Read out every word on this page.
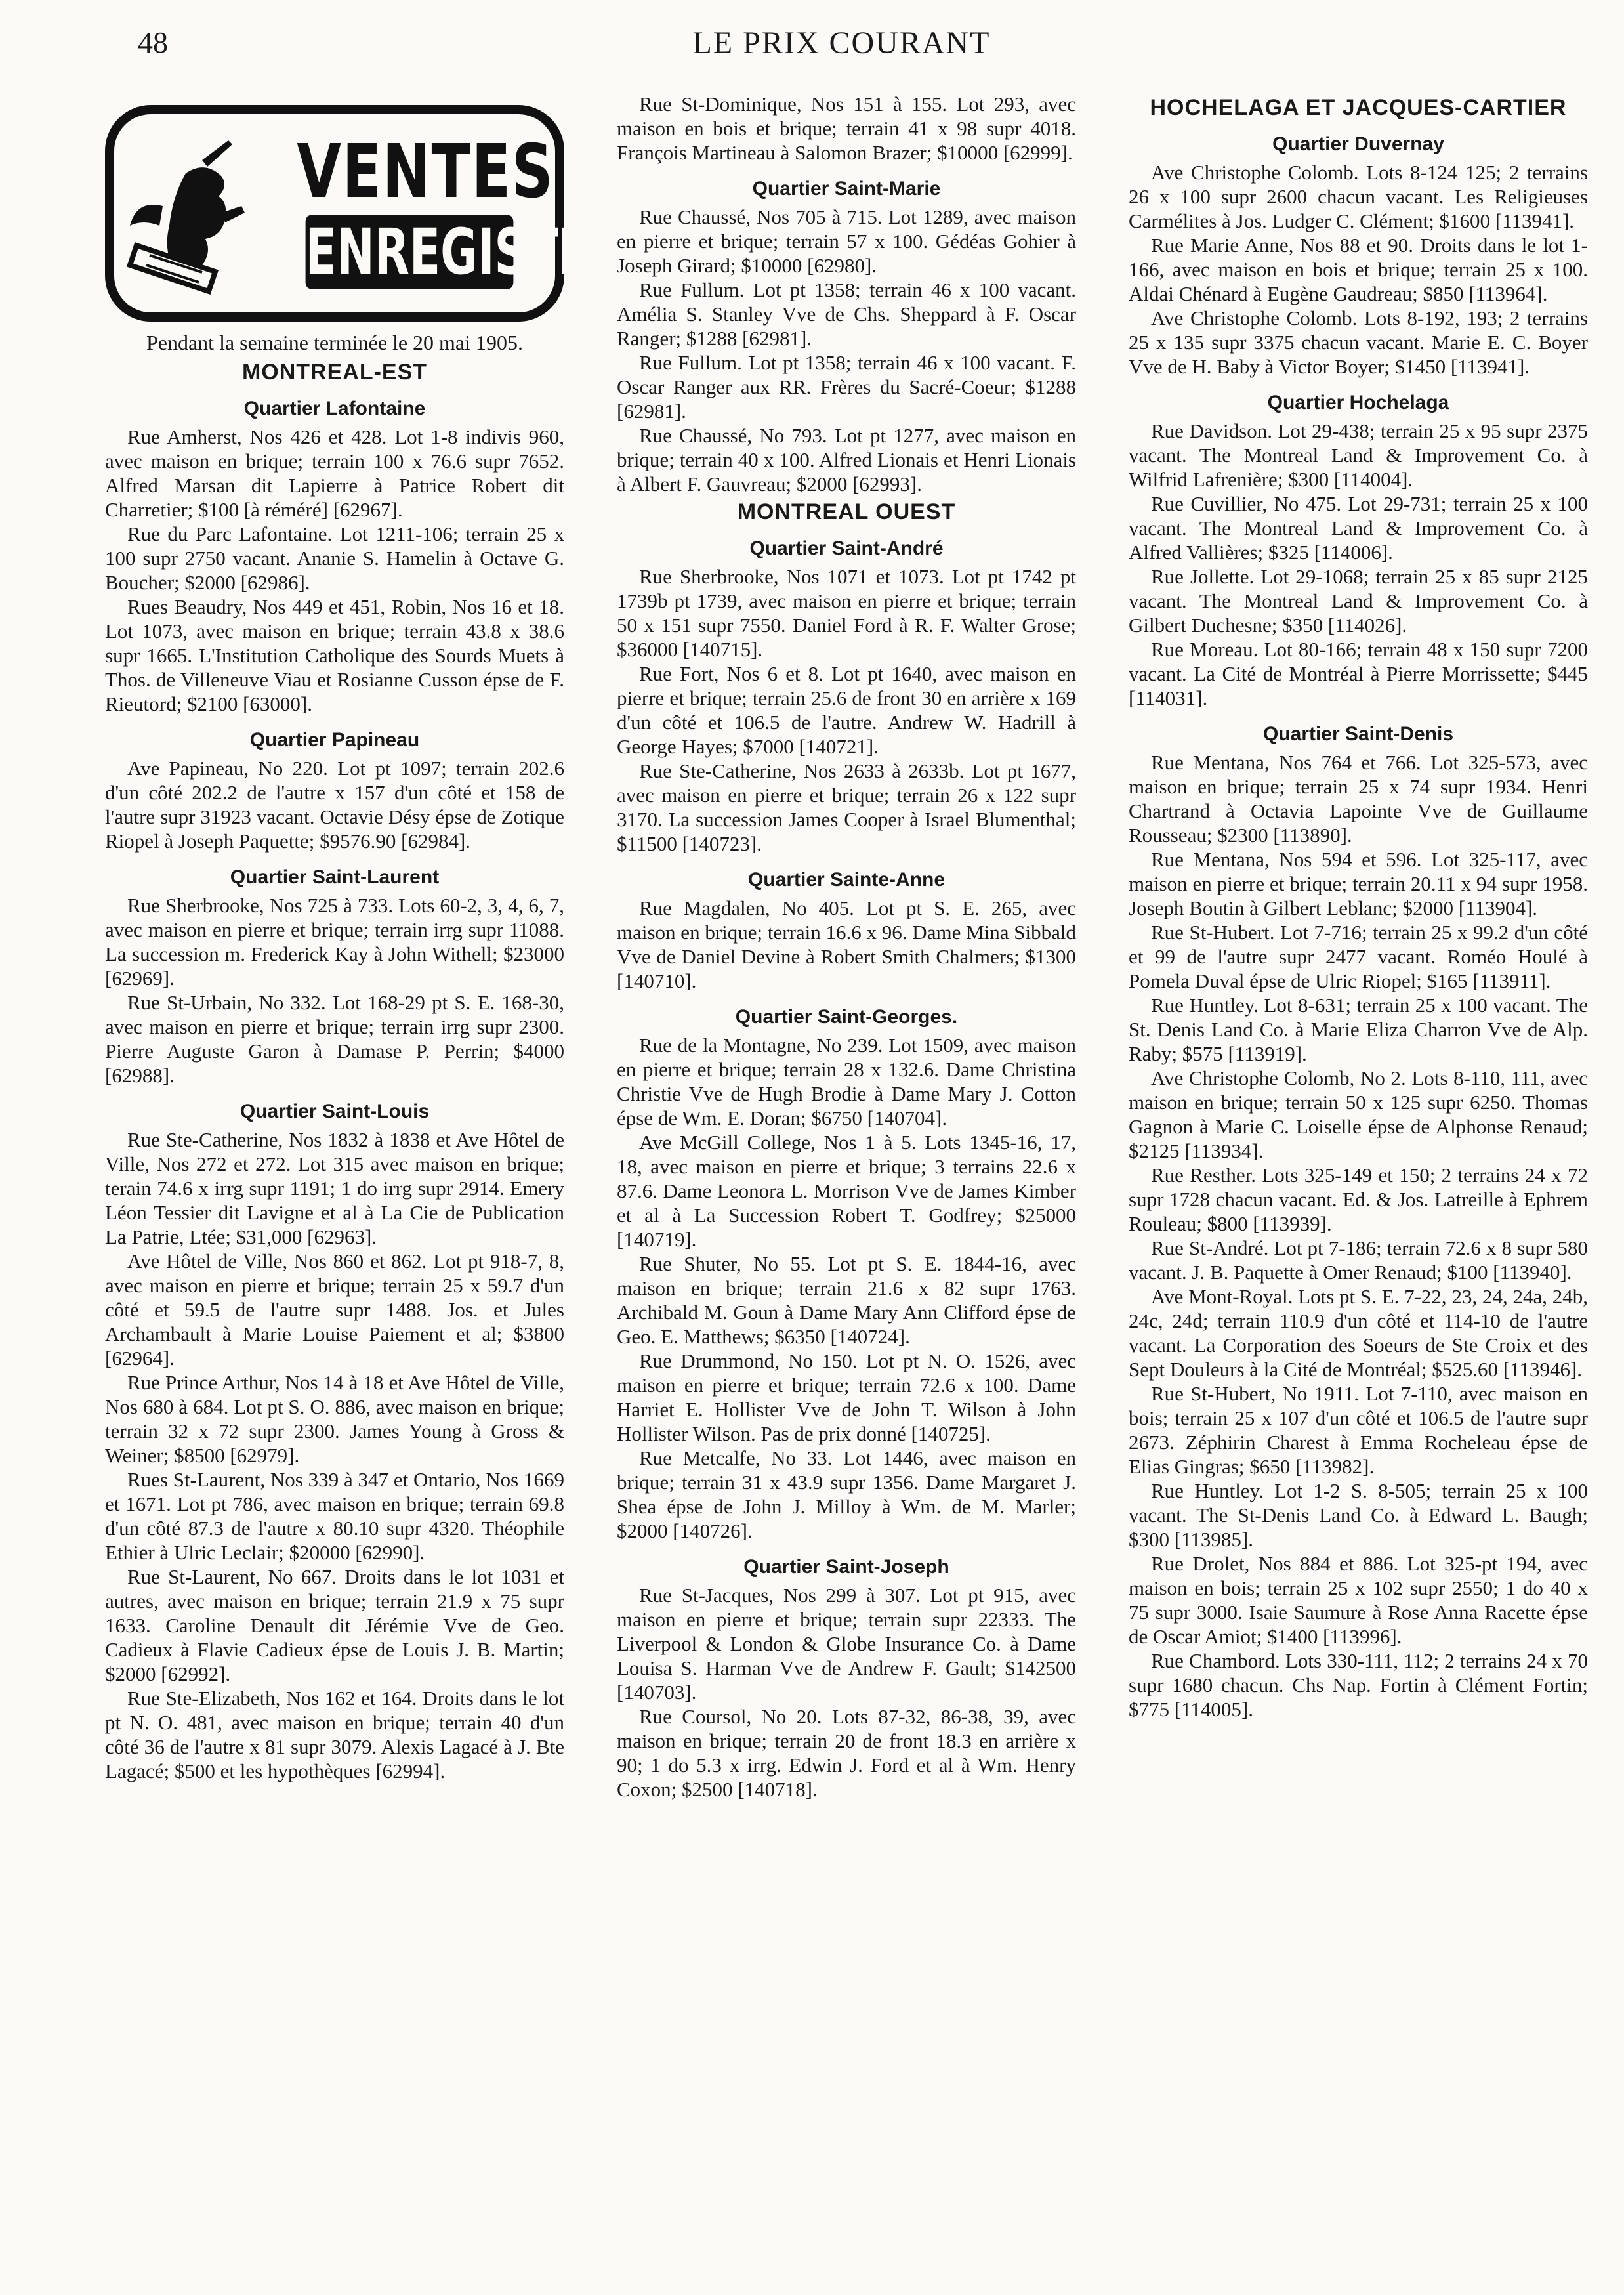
48	LE PRIX COURANT
VENTES
ENREGISTRÉES
Pendant la semaine terminée le 20 mai 1905.
MONTREAL-EST
Quartier Lafontaine

Rue Amherst, Nos 426 et 428. Lot 1-8 indivis 960, avec maison en brique; terrain 100 x 76.6 supr 7652. Alfred Marsan dit Lapierre à Patrice Robert dit Charretier; $100 [à réméré] [62967].

Rue du Parc Lafontaine. Lot 1211-106; terrain 25 x 100 supr 2750 vacant. Ananie S. Hamelin à Octave G. Boucher; $2000 [62986].

Rues Beaudry, Nos 449 et 451, Robin, Nos 16 et 18. Lot 1073, avec maison en brique; terrain 43.8 x 38.6 supr 1665. L'Institution Catholique des Sourds Muets à Thos. de Villeneuve Viau et Rosianne Cusson épse de F. Rieutord; $2100 [63000].

Quartier Papineau

Ave Papineau, No 220. Lot pt 1097; terrain 202.6 d'un côté 202.2 de l'autre x 157 d'un côté et 158 de l'autre supr 31923 vacant. Octavie Désy épse de Zotique Riopel à Joseph Paquette; $9576.90 [62984].

Quartier Saint-Laurent

Rue Sherbrooke, Nos 725 à 733. Lots 60-2, 3, 4, 6, 7, avec maison en pierre et brique; terrain irrg supr 11088. La succession m. Frederick Kay à John Withell; $23000 [62969].

Rue St-Urbain, No 332. Lot 168-29 pt S. E. 168-30, avec maison en pierre et brique; terrain irrg supr 2300. Pierre Auguste Garon à Damase P. Perrin; $4000 [62988].

Quartier Saint-Louis

Rue Ste-Catherine, Nos 1832 à 1838 et Ave Hôtel de Ville, Nos 272 et 272. Lot 315 avec maison en brique; terain 74.6 x irrg supr 1191; 1 do irrg supr 2914. Emery Léon Tessier dit Lavigne et al à La Cie de Publication La Patrie, Ltée; $31,000 [62963].

Ave Hôtel de Ville, Nos 860 et 862. Lot pt 918-7, 8, avec maison en pierre et brique; terrain 25 x 59.7 d'un côté et 59.5 de l'autre supr 1488. Jos. et Jules Archambault à Marie Louise Paiement et al; $3800 [62964].

Rue Prince Arthur, Nos 14 à 18 et Ave Hôtel de Ville, Nos 680 à 684. Lot pt S. O. 886, avec maison en brique; terrain 32 x 72 supr 2300. James Young à Gross & Weiner; $8500 [62979].

Rues St-Laurent, Nos 339 à 347 et Ontario, Nos 1669 et 1671. Lot pt 786, avec maison en brique; terrain 69.8 d'un côté 87.3 de l'autre x 80.10 supr 4320. Théophile Ethier à Ulric Leclair; $20000 [62990].

Rue St-Laurent, No 667. Droits dans le lot 1031 et autres, avec maison en brique; terrain 21.9 x 75 supr 1633. Caroline Denault dit Jérémie Vve de Geo. Cadieux à Flavie Cadieux épse de Louis J. B. Martin; $2000 [62992].

Rue Ste-Elizabeth, Nos 162 et 164. Droits dans le lot pt N. O. 481, avec maison en brique; terrain 40 d'un côté 36 de l'autre x 81 supr 3079. Alexis Lagacé à J. Bte Lagacé; $500 et les hypothèques [62994].

Rue St-Dominique, Nos 151 à 155. Lot 293, avec maison en bois et brique; terrain 41 x 98 supr 4018. François Martineau à Salomon Brazer; $10000 [62999].

Quartier Saint-Marie

Rue Chaussé, Nos 705 à 715. Lot 1289, avec maison en pierre et brique; terrain 57 x 100. Gédéas Gohier à Joseph Girard; $10000 [62980].

Rue Fullum. Lot pt 1358; terrain 46 x 100 vacant. Amélia S. Stanley Vve de Chs. Sheppard à F. Oscar Ranger; $1288 [62981].

Rue Fullum. Lot pt 1358; terrain 46 x 100 vacant. F. Oscar Ranger aux RR. Frères du Sacré-Coeur; $1288 [62981].

Rue Chaussé, No 793. Lot pt 1277, avec maison en brique; terrain 40 x 100. Alfred Lionais et Henri Lionais à Albert F. Gauvreau; $2000 [62993].

MONTREAL OUEST
Quartier Saint-André

Rue Sherbrooke, Nos 1071 et 1073. Lot pt 1742 pt 1739b pt 1739, avec maison en pierre et brique; terrain 50 x 151 supr 7550. Daniel Ford à R. F. Walter Grose; $36000 [140715].

Rue Fort, Nos 6 et 8. Lot pt 1640, avec maison en pierre et brique; terrain 25.6 de front 30 en arrière x 169 d'un côté et 106.5 de l'autre. Andrew W. Hadrill à George Hayes; $7000 [140721].

Rue Ste-Catherine, Nos 2633 à 2633b. Lot pt 1677, avec maison en pierre et brique; terrain 26 x 122 supr 3170. La succession James Cooper à Israel Blumenthal; $11500 [140723].

Quartier Sainte-Anne

Rue Magdalen, No 405. Lot pt S. E. 265, avec maison en brique; terrain 16.6 x 96. Dame Mina Sibbald Vve de Daniel Devine à Robert Smith Chalmers; $1300 [140710].

Quartier Saint-Georges.

Rue de la Montagne, No 239. Lot 1509, avec maison en pierre et brique; terrain 28 x 132.6. Dame Christina Christie Vve de Hugh Brodie à Dame Mary J. Cotton épse de Wm. E. Doran; $6750 [140704].

Ave McGill College, Nos 1 à 5. Lots 1345-16, 17, 18, avec maison en pierre et brique; 3 terrains 22.6 x 87.6. Dame Leonora L. Morrison Vve de James Kimber et al à La Succession Robert T. Godfrey; $25000 [140719].

Rue Shuter, No 55. Lot pt S. E. 1844-16, avec maison en brique; terrain 21.6 x 82 supr 1763. Archibald M. Goun à Dame Mary Ann Clifford épse de Geo. E. Matthews; $6350 [140724].

Rue Drummond, No 150. Lot pt N. O. 1526, avec maison en pierre et brique; terrain 72.6 x 100. Dame Harriet E. Hollister Vve de John T. Wilson à John Hollister Wilson. Pas de prix donné [140725].

Rue Metcalfe, No 33. Lot 1446, avec maison en brique; terrain 31 x 43.9 supr 1356. Dame Margaret J. Shea épse de John J. Milloy à Wm. de M. Marler; $2000 [140726].

Quartier Saint-Joseph

Rue St-Jacques, Nos 299 à 307. Lot pt 915, avec maison en pierre et brique; terrain supr 22333. The Liverpool & London & Globe Insurance Co. à Dame Louisa S. Harman Vve de Andrew F. Gault; $142500 [140703].

Rue Coursol, No 20. Lots 87-32, 86-38, 39, avec maison en brique; terrain 20 de front 18.3 en arrière x 90; 1 do 5.3 x irrg. Edwin J. Ford et al à Wm. Henry Coxon; $2500 [140718].

HOCHELAGA ET JACQUES-CARTIER
Quartier Duvernay

Ave Christophe Colomb. Lots 8-124 125; 2 terrains 26 x 100 supr 2600 chacun vacant. Les Religieuses Carmélites à Jos. Ludger C. Clément; $1600 [113941].

Rue Marie Anne, Nos 88 et 90. Droits dans le lot 1-166, avec maison en bois et brique; terrain 25 x 100. Aldai Chénard à Eugène Gaudreau; $850 [113964].

Ave Christophe Colomb. Lots 8-192, 193; 2 terrains 25 x 135 supr 3375 chacun vacant. Marie E. C. Boyer Vve de H. Baby à Victor Boyer; $1450 [113941].

Quartier Hochelaga

Rue Davidson. Lot 29-438; terrain 25 x 95 supr 2375 vacant. The Montreal Land & Improvement Co. à Wilfrid Lafrenière; $300 [114004].

Rue Cuvillier, No 475. Lot 29-731; terrain 25 x 100 vacant. The Montreal Land & Improvement Co. à Alfred Vallières; $325 [114006].

Rue Jollette. Lot 29-1068; terrain 25 x 85 supr 2125 vacant. The Montreal Land & Improvement Co. à Gilbert Duchesne; $350 [114026].

Rue Moreau. Lot 80-166; terrain 48 x 150 supr 7200 vacant. La Cité de Montréal à Pierre Morrissette; $445 [114031].

Quartier Saint-Denis

Rue Mentana, Nos 764 et 766. Lot 325-573, avec maison en brique; terrain 25 x 74 supr 1934. Henri Chartrand à Octavia Lapointe Vve de Guillaume Rousseau; $2300 [113890].

Rue Mentana, Nos 594 et 596. Lot 325-117, avec maison en pierre et brique; terrain 20.11 x 94 supr 1958. Joseph Boutin à Gilbert Leblanc; $2000 [113904].

Rue St-Hubert. Lot 7-716; terrain 25 x 99.2 d'un côté et 99 de l'autre supr 2477 vacant. Roméo Houlé à Pomela Duval épse de Ulric Riopel; $165 [113911].

Rue Huntley. Lot 8-631; terrain 25 x 100 vacant. The St. Denis Land Co. à Marie Eliza Charron Vve de Alp. Raby; $575 [113919].

Ave Christophe Colomb, No 2. Lots 8-110, 111, avec maison en brique; terrain 50 x 125 supr 6250. Thomas Gagnon à Marie C. Loiselle épse de Alphonse Renaud; $2125 [113934].

Rue Resther. Lots 325-149 et 150; 2 terrains 24 x 72 supr 1728 chacun vacant. Ed. & Jos. Latreille à Ephrem Rouleau; $800 [113939].

Rue St-André. Lot pt 7-186; terrain 72.6 x 8 supr 580 vacant. J. B. Paquette à Omer Renaud; $100 [113940].

Ave Mont-Royal. Lots pt S. E. 7-22, 23, 24, 24a, 24b, 24c, 24d; terrain 110.9 d'un côté et 114-10 de l'autre vacant. La Corporation des Soeurs de Ste Croix et des Sept Douleurs à la Cité de Montréal; $525.60 [113946].

Rue St-Hubert, No 1911. Lot 7-110, avec maison en bois; terrain 25 x 107 d'un côté et 106.5 de l'autre supr 2673. Zéphirin Charest à Emma Rocheleau épse de Elias Gingras; $650 [113982].

Rue Huntley. Lot 1-2 S. 8-505; terrain 25 x 100 vacant. The St-Denis Land Co. à Edward L. Baugh; $300 [113985].

Rue Drolet, Nos 884 et 886. Lot 325-pt 194, avec maison en bois; terrain 25 x 102 supr 2550; 1 do 40 x 75 supr 3000. Isaie Saumure à Rose Anna Racette épse de Oscar Amiot; $1400 [113996].

Rue Chambord. Lots 330-111, 112; 2 terrains 24 x 70 supr 1680 chacun. Chs Nap. Fortin à Clément Fortin; $775 [114005].
